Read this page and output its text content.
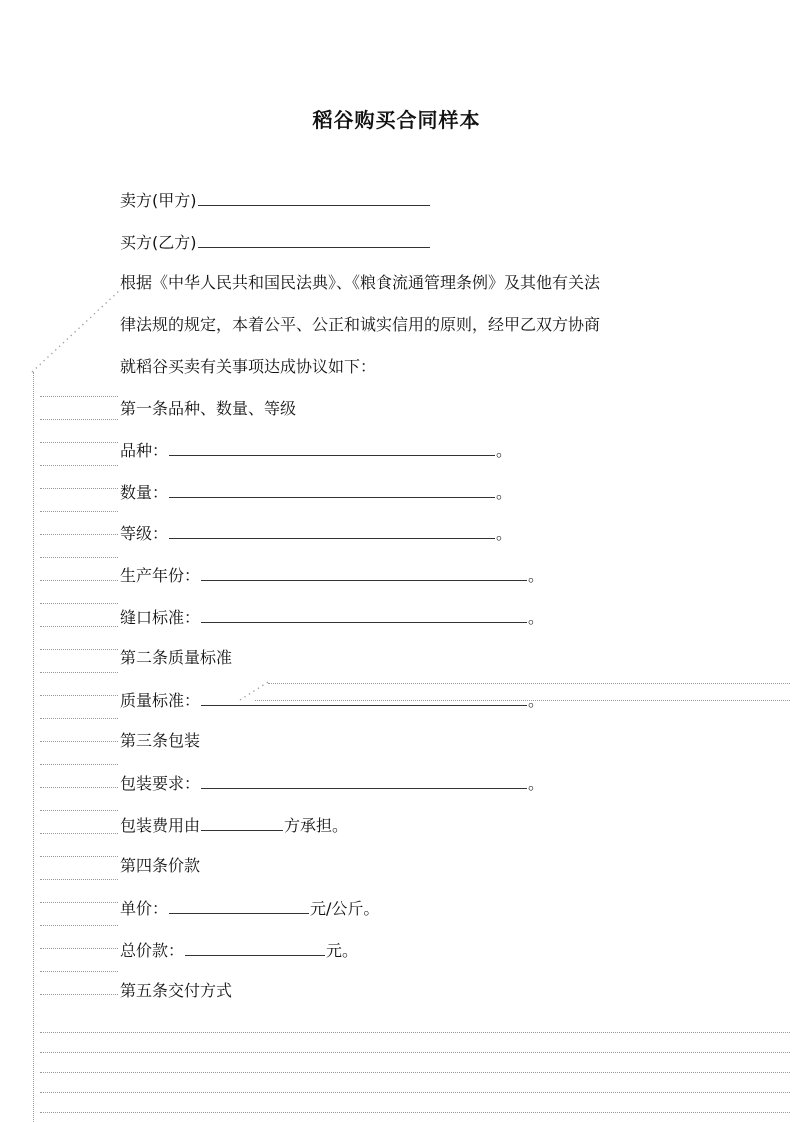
稻谷购买合同样本
卖方(甲方)
买方(乙方)
根据《中华人民共和国民法典》、《粮食流通管理条例》及其他有关法
律法规的规定，本着公平、公正和诚实信用的原则，经甲乙双方协商
就稻谷买卖有关事项达成协议如下：
第一条品种、数量、等级
品种：	。
数量：	。
等级：	。
生产年份：	。
缝口标准：	。
第二条质量标准
质量标准：	。
第三条包装
包装要求：	。
包装费用由	方承担。
第四条价款
单价：	元/公斤。
总价款：	元。
第五条交付方式
